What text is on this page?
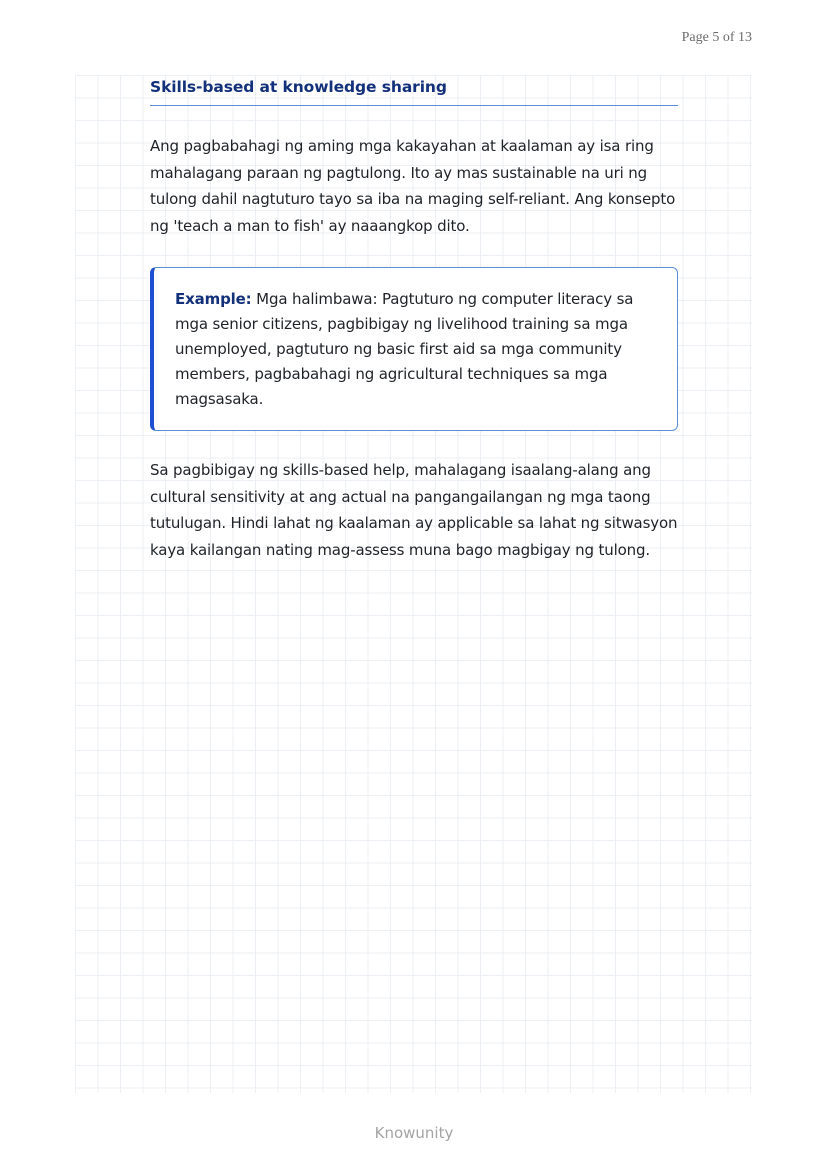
Page 5 of 13
Skills-based at knowledge sharing

Ang pagbabahagi ng aming mga kakayahan at kaalaman ay isa ring mahalagang paraan ng pagtulong. Ito ay mas sustainable na uri ng tulong dahil nagtuturo tayo sa iba na maging self-reliant. Ang konsepto ng 'teach a man to fish' ay naaangkop dito.

Example: Mga halimbawa: Pagtuturo ng computer literacy sa mga senior citizens, pagbibigay ng livelihood training sa mga unemployed, pagtuturo ng basic first aid sa mga community members, pagbabahagi ng agricultural techniques sa mga magsasaka.

Sa pagbibigay ng skills-based help, mahalagang isaalang-alang ang cultural sensitivity at ang actual na pangangailangan ng mga taong tutulugan. Hindi lahat ng kaalaman ay applicable sa lahat ng sitwasyon kaya kailangan nating mag-assess muna bago magbigay ng tulong.

Knowunity
